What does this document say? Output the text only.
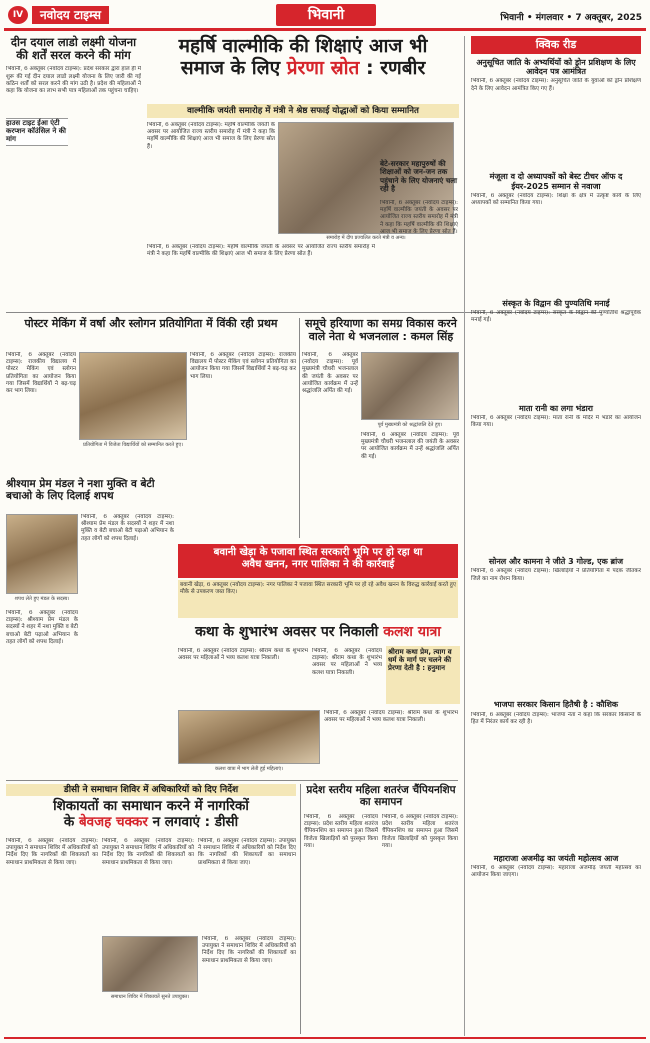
IV	नवोदय टाइम्स	भिवानी	भिवानी • मंगलवार • 7 अक्तूबर, 2025
दीन दयाल लाडो लक्ष्मी योजना की शर्तें सरल करने की मांग
भिवानी, 6 अक्तूबर (नवोदय टाइम्स): प्रदेश सरकार द्वारा हाल ही में शुरू की गई दीन दयाल लाडो लक्ष्मी योजना के लिए जारी की गई कठिन शर्तों को सरल करने की मांग उठी है। प्रदेश की महिलाओं ने कहा कि योजना का लाभ सभी पात्र महिलाओं तक पहुंचना चाहिए।
हाउस टाइट ईआ एंटी करप्शन कॉउंसिल ने की मांग
महर्षि वाल्मीकि की शिक्षाएं आज भी
समाज के लिए प्रेरणा स्रोत : रणबीर
वाल्मीकि जयंती समारोह में मंत्री ने श्रेष्ठ सफाई योद्धाओं को किया सम्मानित
भिवानी, 6 अक्तूबर (नवोदय टाइम्स): महर्षि वाल्मीकि जयंती के अवसर पर आयोजित राज्य स्तरीय समारोह में मंत्री ने कहा कि महर्षि वाल्मीकि की शिक्षाएं आज भी समाज के लिए प्रेरणा स्रोत हैं।
समारोह में दीप प्रज्वलित करते मंत्री व अन्य।
भिवानी, 6 अक्तूबर (नवोदय टाइम्स): महर्षि वाल्मीकि जयंती के अवसर पर आयोजित राज्य स्तरीय समारोह में मंत्री ने कहा कि महर्षि वाल्मीकि की शिक्षाएं आज भी समाज के लिए प्रेरणा स्रोत हैं।
बेटे-सरकार महापुरुषों की शिक्षाओं को जन-जन तक पहुंचाने के लिए योजनाएं चला रही है
भिवानी, 6 अक्तूबर (नवोदय टाइम्स): महर्षि वाल्मीकि जयंती के अवसर पर आयोजित राज्य स्तरीय समारोह में मंत्री ने कहा कि महर्षि वाल्मीकि की शिक्षाएं आज भी समाज के लिए प्रेरणा स्रोत हैं।
क्विक रीड
अनुसूचित जाति के अभ्यर्थियों को ड्रोन प्रशिक्षण के लिए आवेदन पत्र आमंत्रित
भिवानी, 6 अक्तूबर (नवोदय टाइम्स): अनुसूचित जाति के युवाओं को ड्रोन प्रशिक्षण देने के लिए आवेदन आमंत्रित किए गए हैं।
मंजूला व दो अध्यापकों को बेस्ट टीचर ऑफ द ईयर-2025 सम्मान से नवाजा
भिवानी, 6 अक्तूबर (नवोदय टाइम्स): शिक्षा के क्षेत्र में उत्कृष्ट कार्य के लिए अध्यापकों को सम्मानित किया गया।
संस्कृत के विद्वान की पुण्यतिथि मनाई
भिवानी, 6 अक्तूबर (नवोदय टाइम्स): संस्कृत के विद्वान की पुण्यतिथि श्रद्धापूर्वक मनाई गई।
माता रानी का लगा भंडारा
भिवानी, 6 अक्तूबर (नवोदय टाइम्स): माता रानी के मंदिर में भंडारे का आयोजन किया गया।
सोनल और कामना ने जीते 3 गोल्ड, एक ब्रांज
भिवानी, 6 अक्तूबर (नवोदय टाइम्स): खिलाड़ियों ने प्रतियोगिता में पदक जीतकर जिले का नाम रोशन किया।
भाजपा सरकार किसान हितैषी है : कौशिक
भिवानी, 6 अक्तूबर (नवोदय टाइम्स): भाजपा नेता ने कहा कि सरकार किसानों के हित में निरंतर कार्य कर रही है।
महाराजा अजमीढ़ का जयंती महोत्सव आज
भिवानी, 6 अक्तूबर (नवोदय टाइम्स): महाराजा अजमीढ़ जयंती महोत्सव का आयोजन किया जाएगा।
पोस्टर मेकिंग में वर्षा और स्लोगन प्रतियोगिता में विंकी रही प्रथम
भिवानी, 6 अक्तूबर (नवोदय टाइम्स): राजकीय विद्यालय में पोस्टर मेकिंग एवं स्लोगन प्रतियोगिता का आयोजन किया गया जिसमें विद्यार्थियों ने बढ़-चढ़ कर भाग लिया।
प्रतियोगिता में विजेता विद्यार्थियों को सम्मानित करते हुए।
भिवानी, 6 अक्तूबर (नवोदय टाइम्स): राजकीय विद्यालय में पोस्टर मेकिंग एवं स्लोगन प्रतियोगिता का आयोजन किया गया जिसमें विद्यार्थियों ने बढ़-चढ़ कर भाग लिया।
समूचे हरियाणा का समग्र विकास करने वाले नेता थे भजनलाल : कमल सिंह
भिवानी, 6 अक्तूबर (नवोदय टाइम्स): पूर्व मुख्यमंत्री चौधरी भजनलाल की जयंती के अवसर पर आयोजित कार्यक्रम में उन्हें श्रद्धांजलि अर्पित की गई।
पूर्व मुख्यमंत्री को श्रद्धांजलि देते हुए।
भिवानी, 6 अक्तूबर (नवोदय टाइम्स): पूर्व मुख्यमंत्री चौधरी भजनलाल की जयंती के अवसर पर आयोजित कार्यक्रम में उन्हें श्रद्धांजलि अर्पित की गई।
श्रीश्याम प्रेम मंडल ने नशा मुक्ति व बेटी बचाओ के लिए दिलाई शपथ
शपथ लेते हुए मंडल के सदस्य।
भिवानी, 6 अक्तूबर (नवोदय टाइम्स): श्रीश्याम प्रेम मंडल के सदस्यों ने शहर में नशा मुक्ति व बेटी बचाओ बेटी पढ़ाओ अभियान के तहत लोगों को शपथ दिलाई।
भिवानी, 6 अक्तूबर (नवोदय टाइम्स): श्रीश्याम प्रेम मंडल के सदस्यों ने शहर में नशा मुक्ति व बेटी बचाओ बेटी पढ़ाओ अभियान के तहत लोगों को शपथ दिलाई।
बवानी खेड़ा के पजावा स्थित सरकारी भूमि पर हो रहा था
अवैध खनन, नगर पालिका ने की कार्रवाई
बवानी खेड़ा, 6 अक्तूबर (नवोदय टाइम्स): नगर पालिका ने पजावा स्थित सरकारी भूमि पर हो रहे अवैध खनन के विरुद्ध कार्रवाई करते हुए मौके से उपकरण जब्त किए।
कथा के शुभारंभ अवसर पर निकाली कलश यात्रा
भिवानी, 6 अक्तूबर (नवोदय टाइम्स): श्रीराम कथा के शुभारंभ अवसर पर महिलाओं ने भव्य कलश यात्रा निकाली।
भिवानी, 6 अक्तूबर (नवोदय टाइम्स): श्रीराम कथा के शुभारंभ अवसर पर महिलाओं ने भव्य कलश यात्रा निकाली।
श्रीराम कथा प्रेम, त्याग व धर्म के मार्ग पर चलने की प्रेरणा देती है : हनुमान
कलश यात्रा में भाग लेती हुई महिलाएं।
भिवानी, 6 अक्तूबर (नवोदय टाइम्स): श्रीराम कथा के शुभारंभ अवसर पर महिलाओं ने भव्य कलश यात्रा निकाली।
डीसी ने समाधान शिविर में अधिकारियों को दिए निर्देश
शिकायतों का समाधान करने में नागरिकों
के बेवजह चक्कर न लगवाएं : डीसी
भिवानी, 6 अक्तूबर (नवोदय टाइम्स): उपायुक्त ने समाधान शिविर में अधिकारियों को निर्देश दिए कि नागरिकों की शिकायतों का समाधान प्राथमिकता से किया जाए।
भिवानी, 6 अक्तूबर (नवोदय टाइम्स): उपायुक्त ने समाधान शिविर में अधिकारियों को निर्देश दिए कि नागरिकों की शिकायतों का समाधान प्राथमिकता से किया जाए।
भिवानी, 6 अक्तूबर (नवोदय टाइम्स): उपायुक्त ने समाधान शिविर में अधिकारियों को निर्देश दिए कि नागरिकों की शिकायतों का समाधान प्राथमिकता से किया जाए।
समाधान शिविर में शिकायतें सुनते उपायुक्त।
भिवानी, 6 अक्तूबर (नवोदय टाइम्स): उपायुक्त ने समाधान शिविर में अधिकारियों को निर्देश दिए कि नागरिकों की शिकायतों का समाधान प्राथमिकता से किया जाए।
प्रदेश स्तरीय महिला शतरंज चैंपियनशिप का समापन
भिवानी, 6 अक्तूबर (नवोदय टाइम्स): प्रदेश स्तरीय महिला शतरंज चैंपियनशिप का समापन हुआ जिसमें विजेता खिलाड़ियों को पुरस्कृत किया गया।
भिवानी, 6 अक्तूबर (नवोदय टाइम्स): प्रदेश स्तरीय महिला शतरंज चैंपियनशिप का समापन हुआ जिसमें विजेता खिलाड़ियों को पुरस्कृत किया गया।
